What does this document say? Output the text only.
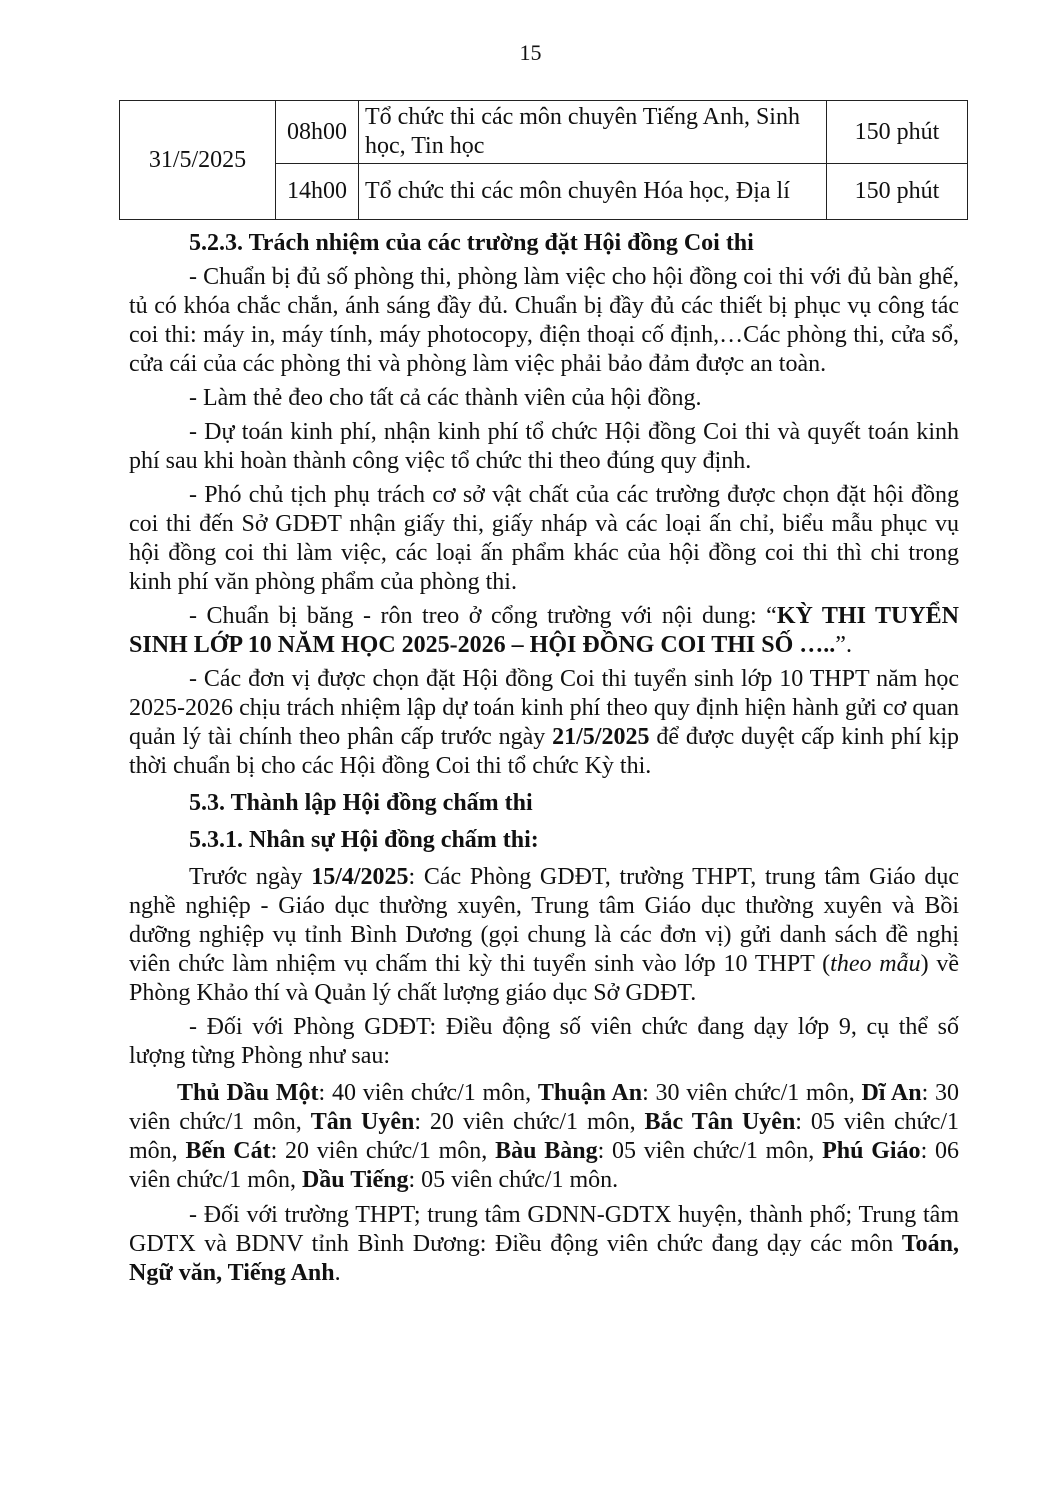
15
31/5/2025	08h00	Tổ chức thi các môn chuyên Tiếng Anh, Sinh học, Tin học	150 phút
	14h00	Tổ chức thi các môn chuyên Hóa học, Địa lí	150 phút

5.2.3. Trách nhiệm của các trường đặt Hội đồng Coi thi

- Chuẩn bị đủ số phòng thi, phòng làm việc cho hội đồng coi thi với đủ bàn ghế, tủ có khóa chắc chắn, ánh sáng đầy đủ. Chuẩn bị đầy đủ các thiết bị phục vụ công tác coi thi: máy in, máy tính, máy photocopy, điện thoại cố định,…Các phòng thi, cửa sổ, cửa cái của các phòng thi và phòng làm việc phải bảo đảm được an toàn.

- Làm thẻ đeo cho tất cả các thành viên của hội đồng.

- Dự toán kinh phí, nhận kinh phí tổ chức Hội đồng Coi thi và quyết toán kinh phí sau khi hoàn thành công việc tổ chức thi theo đúng quy định.

- Phó chủ tịch phụ trách cơ sở vật chất của các trường được chọn đặt hội đồng coi thi đến Sở GDĐT nhận giấy thi, giấy nháp và các loại ấn chỉ, biểu mẫu phục vụ hội đồng coi thi làm việc, các loại ấn phẩm khác của hội đồng coi thi thì chi trong kinh phí văn phòng phẩm của phòng thi.

- Chuẩn bị băng - rôn treo ở cổng trường với nội dung: “KỲ THI TUYỂN SINH LỚP 10 NĂM HỌC 2025-2026 – HỘI ĐỒNG COI THI SỐ …..”.

- Các đơn vị được chọn đặt Hội đồng Coi thi tuyển sinh lớp 10 THPT năm học 2025-2026 chịu trách nhiệm lập dự toán kinh phí theo quy định hiện hành gửi cơ quan quản lý tài chính theo phân cấp trước ngày 21/5/2025 để được duyệt cấp kinh phí kịp thời chuẩn bị cho các Hội đồng Coi thi tổ chức Kỳ thi.

5.3. Thành lập Hội đồng chấm thi

5.3.1. Nhân sự Hội đồng chấm thi:

Trước ngày 15/4/2025: Các Phòng GDĐT, trường THPT, trung tâm Giáo dục nghề nghiệp - Giáo dục thường xuyên, Trung tâm Giáo dục thường xuyên và Bồi dưỡng nghiệp vụ tỉnh Bình Dương (gọi chung là các đơn vị) gửi danh sách đề nghị viên chức làm nhiệm vụ chấm thi kỳ thi tuyển sinh vào lớp 10 THPT (theo mẫu) về Phòng Khảo thí và Quản lý chất lượng giáo dục Sở GDĐT.

- Đối với Phòng GDĐT: Điều động số viên chức đang dạy lớp 9, cụ thể số lượng từng Phòng như sau:

Thủ Dầu Một: 40 viên chức/1 môn, Thuận An: 30 viên chức/1 môn, Dĩ An: 30 viên chức/1 môn, Tân Uyên: 20 viên chức/1 môn, Bắc Tân Uyên: 05 viên chức/1 môn, Bến Cát: 20 viên chức/1 môn, Bàu Bàng: 05 viên chức/1 môn, Phú Giáo: 06 viên chức/1 môn, Dầu Tiếng: 05 viên chức/1 môn.

- Đối với trường THPT; trung tâm GDNN-GDTX huyện, thành phố; Trung tâm GDTX và BDNV tỉnh Bình Dương: Điều động viên chức đang dạy các môn Toán, Ngữ văn, Tiếng Anh.
